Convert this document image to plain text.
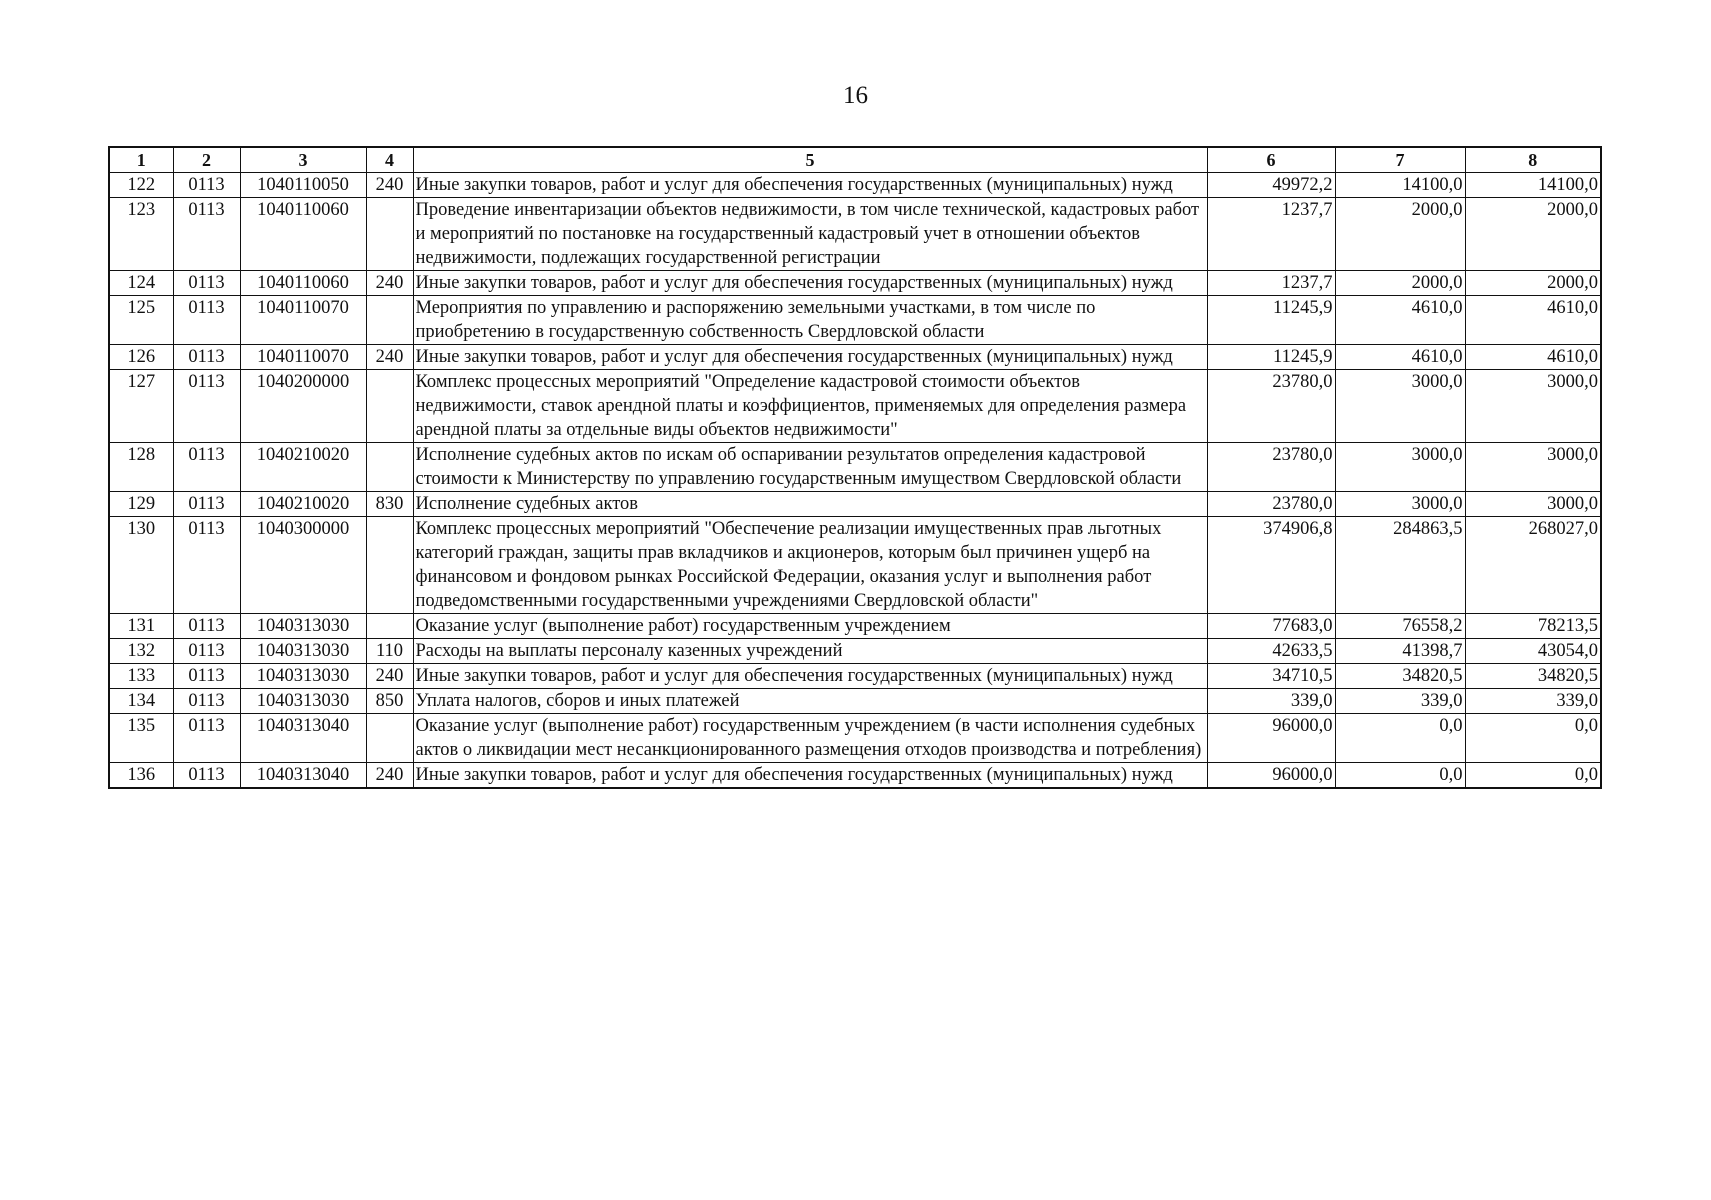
16
1	2	3	4	5	6	7	8
122	0113	1040110050	240	Иные закупки товаров, работ и услуг для обеспечения государственных (муниципальных) нужд	49972,2	14100,0	14100,0
123	0113	1040110060		Проведение инвентаризации объектов недвижимости, в том числе технической, кадастровых работ и мероприятий по постановке на государственный кадастровый учет в отношении объектов недвижимости, подлежащих государственной регистрации	1237,7	2000,0	2000,0
124	0113	1040110060	240	Иные закупки товаров, работ и услуг для обеспечения государственных (муниципальных) нужд	1237,7	2000,0	2000,0
125	0113	1040110070		Мероприятия по управлению и распоряжению земельными участками, в том числе по приобретению в государственную собственность Свердловской области	11245,9	4610,0	4610,0
126	0113	1040110070	240	Иные закупки товаров, работ и услуг для обеспечения государственных (муниципальных) нужд	11245,9	4610,0	4610,0
127	0113	1040200000		Комплекс процессных мероприятий "Определение кадастровой стоимости объектов недвижимости, ставок арендной платы и коэффициентов, применяемых для определения размера арендной платы за отдельные виды объектов недвижимости"	23780,0	3000,0	3000,0
128	0113	1040210020		Исполнение судебных актов по искам об оспаривании результатов определения кадастровой стоимости к Министерству по управлению государственным имуществом Свердловской области	23780,0	3000,0	3000,0
129	0113	1040210020	830	Исполнение судебных актов	23780,0	3000,0	3000,0
130	0113	1040300000		Комплекс процессных мероприятий "Обеспечение реализации имущественных прав льготных категорий граждан, защиты прав вкладчиков и акционеров, которым был причинен ущерб на финансовом и фондовом рынках Российской Федерации, оказания услуг и выполнения работ подведомственными государственными учреждениями Свердловской области"	374906,8	284863,5	268027,0
131	0113	1040313030		Оказание услуг (выполнение работ) государственным учреждением	77683,0	76558,2	78213,5
132	0113	1040313030	110	Расходы на выплаты персоналу казенных учреждений	42633,5	41398,7	43054,0
133	0113	1040313030	240	Иные закупки товаров, работ и услуг для обеспечения государственных (муниципальных) нужд	34710,5	34820,5	34820,5
134	0113	1040313030	850	Уплата налогов, сборов и иных платежей	339,0	339,0	339,0
135	0113	1040313040		Оказание услуг (выполнение работ) государственным учреждением (в части исполнения судебных актов о ликвидации мест несанкционированного размещения отходов производства и потребления)	96000,0	0,0	0,0
136	0113	1040313040	240	Иные закупки товаров, работ и услуг для обеспечения государственных (муниципальных) нужд	96000,0	0,0	0,0
